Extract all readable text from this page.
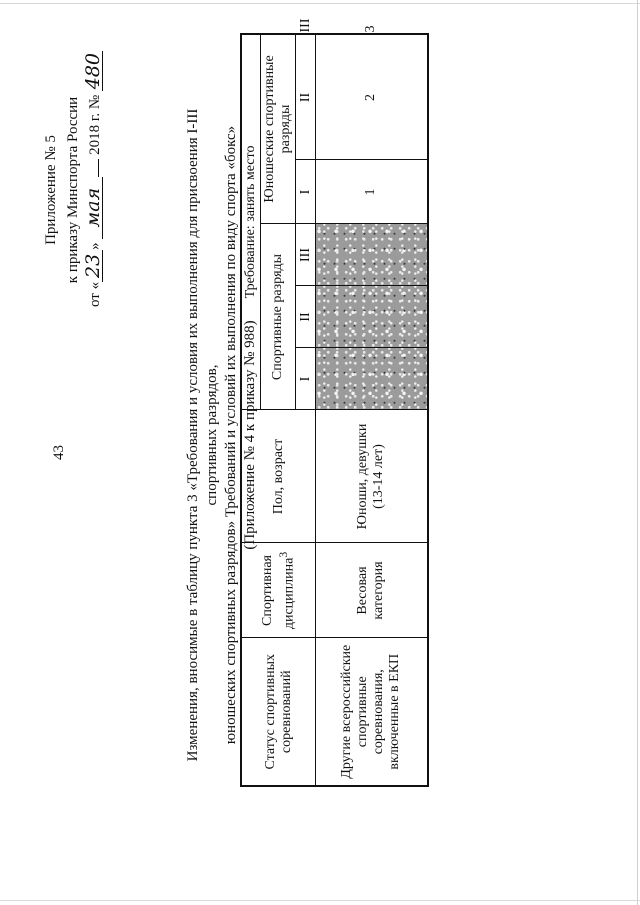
43
Приложение № 5 к приказу Минспорта России
от «23» мая 2018 г. № 480
Изменения, вносимые в таблицу пункта 3 «Требования и условия их выполнения для присвоения I-III спортивных разрядов, юношеских спортивных разрядов» Требований и условий их выполнения по виду спорта «бокс» (Приложение № 4 к приказу № 988)
Статус спортивных соревнований	Спортивная дисциплина$^3$	Пол, возраст	Требование: занять место					
			Спортивные разряды			Юношеские спортивные разряды		
			I	II	III	I	II	III
Другие всероссийские спортивные соревнования, включенные в ЕКП	Весовая категория	Юноши, девушки (13-14 лет)				1	2	3
